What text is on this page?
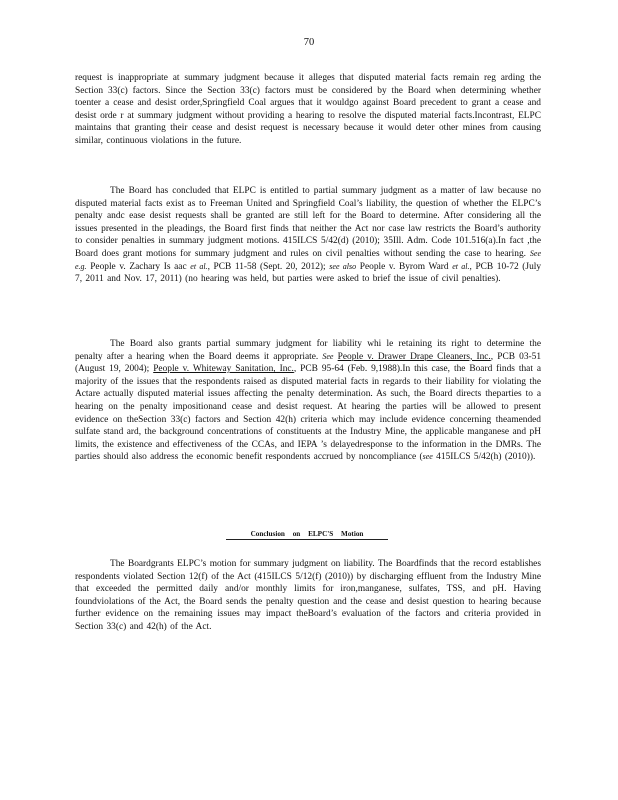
70
request is inappropriate at summary judgment because it alleges that disputed material facts remain reg arding the Section 33(c) factors. Since the Section 33(c) factors must be considered by the Board when determining whether toenter a cease and desist order,Springfield Coal argues that it wouldgo against Board precedent to grant a cease and desist orde r at summary judgment without providing a hearing to resolve the disputed material facts.Incontrast, ELPC maintains that granting their cease and desist request is necessary because it would deter other mines from causing similar, continuous violations in the future.
The Board has concluded that ELPC is entitled to partial summary judgment as a matter of law because no disputed material facts exist as to Freeman United and Springfield Coal’s liability, the question of whether the ELPC’s penalty andc ease desist requests shall be granted are still left for the Board to determine. After considering all the issues presented in the pleadings, the Board first finds that neither the Act nor case law restricts the Board’s authority to consider penalties in summary judgment motions. 415ILCS 5/42(d) (2010); 35Ill. Adm. Code 101.516(a).In fact ,the Board does grant motions for summary judgment and rules on civil penalties without sending the case to hearing. See e.g. People v. Zachary Is aac et al., PCB 11-58 (Sept. 20, 2012); see also People v. Byrom Ward et al., PCB 10-72 (July 7, 2011 and Nov. 17, 2011) (no hearing was held, but parties were asked to brief the issue of civil penalties).
The Board also grants partial summary judgment for liability whi le retaining its right to determine the penalty after a hearing when the Board deems it appropriate. See People v. Drawer Drape Cleaners, Inc., PCB 03-51 (August 19, 2004); People v. Whiteway Sanitation, Inc., PCB 95-64 (Feb. 9,1988).In this case, the Board finds that a majority of the issues that the respondents raised as disputed material facts in regards to their liability for violating the Actare actually disputed material issues affecting the penalty determination. As such, the Board directs theparties to a hearing on the penalty impositionand cease and desist request. At hearing the parties will be allowed to present evidence on theSection 33(c) factors and Section 42(h) criteria which may include evidence concerning theamended sulfate stand ard, the background concentrations of constituents at the Industry Mine, the applicable manganese and pH limits, the existence and effectiveness of the CCAs, and IEPA ’s delayedresponse to the information in the DMRs. The parties should also address the economic benefit respondents accrued by noncompliance (see 415ILCS 5/42(h) (2010)).
Conclusion on ELPC'S Motion
The Boardgrants ELPC’s motion for summary judgment on liability. The Boardfinds that the record establishes respondents violated Section 12(f) of the Act (415ILCS 5/12(f) (2010)) by discharging effluent from the Industry Mine that exceeded the permitted daily and/or monthly limits for iron,manganese, sulfates, TSS, and pH. Having foundviolations of the Act, the Board sends the penalty question and the cease and desist question to hearing because further evidence on the remaining issues may impact theBoard’s evaluation of the factors and criteria provided in Section 33(c) and 42(h) of the Act.
